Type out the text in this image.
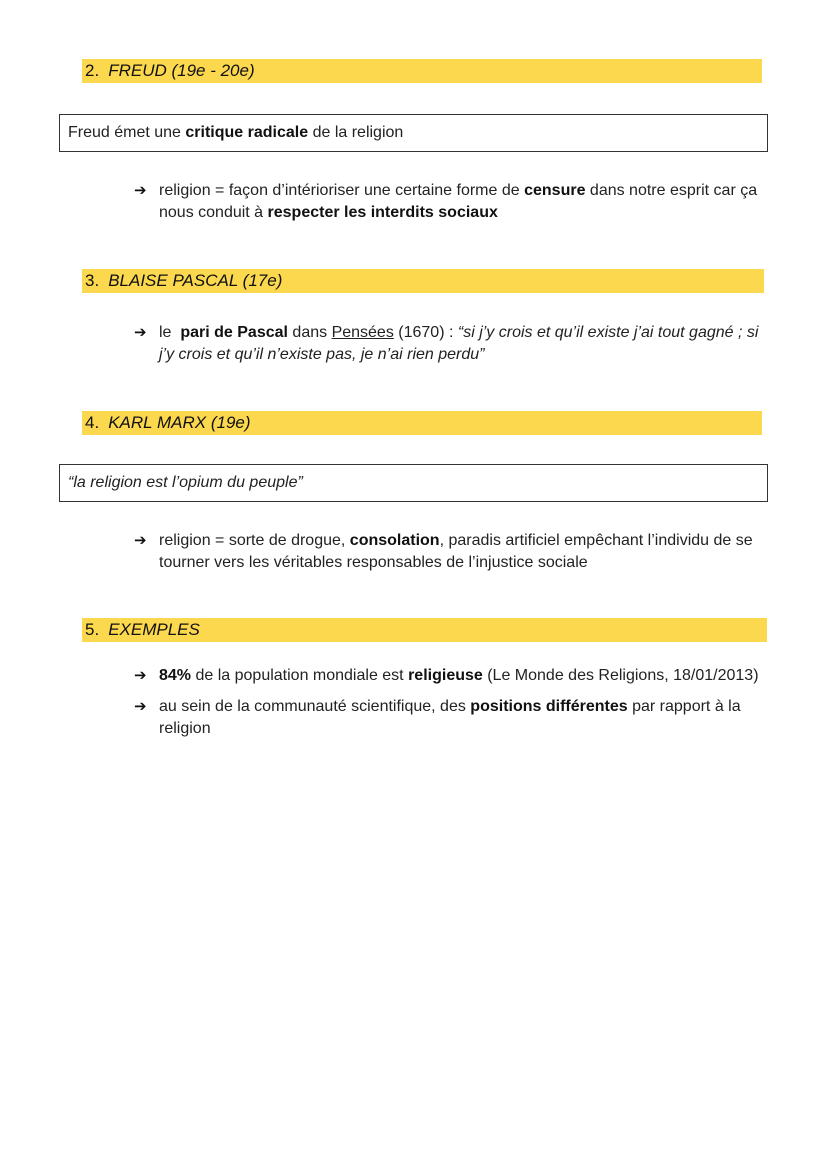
2. FREUD (19e - 20e)
Freud émet une critique radicale de la religion
➔ religion = façon d’intérioriser une certaine forme de censure dans notre esprit car ça nous conduit à respecter les interdits sociaux
3. BLAISE PASCAL (17e)
➔ le  pari de Pascal dans Pensées (1670) : “si j’y crois et qu’il existe j’ai tout gagné ; si j’y crois et qu’il n’existe pas, je n’ai rien perdu”
4. KARL MARX (19e)
“la religion est l’opium du peuple”
➔ religion = sorte de drogue, consolation, paradis artificiel empêchant l’individu de se tourner vers les véritables responsables de l’injustice sociale
5. EXEMPLES
➔ 84% de la population mondiale est religieuse (Le Monde des Religions, 18/01/2013)
➔ au sein de la communauté scientifique, des positions différentes par rapport à la religion
